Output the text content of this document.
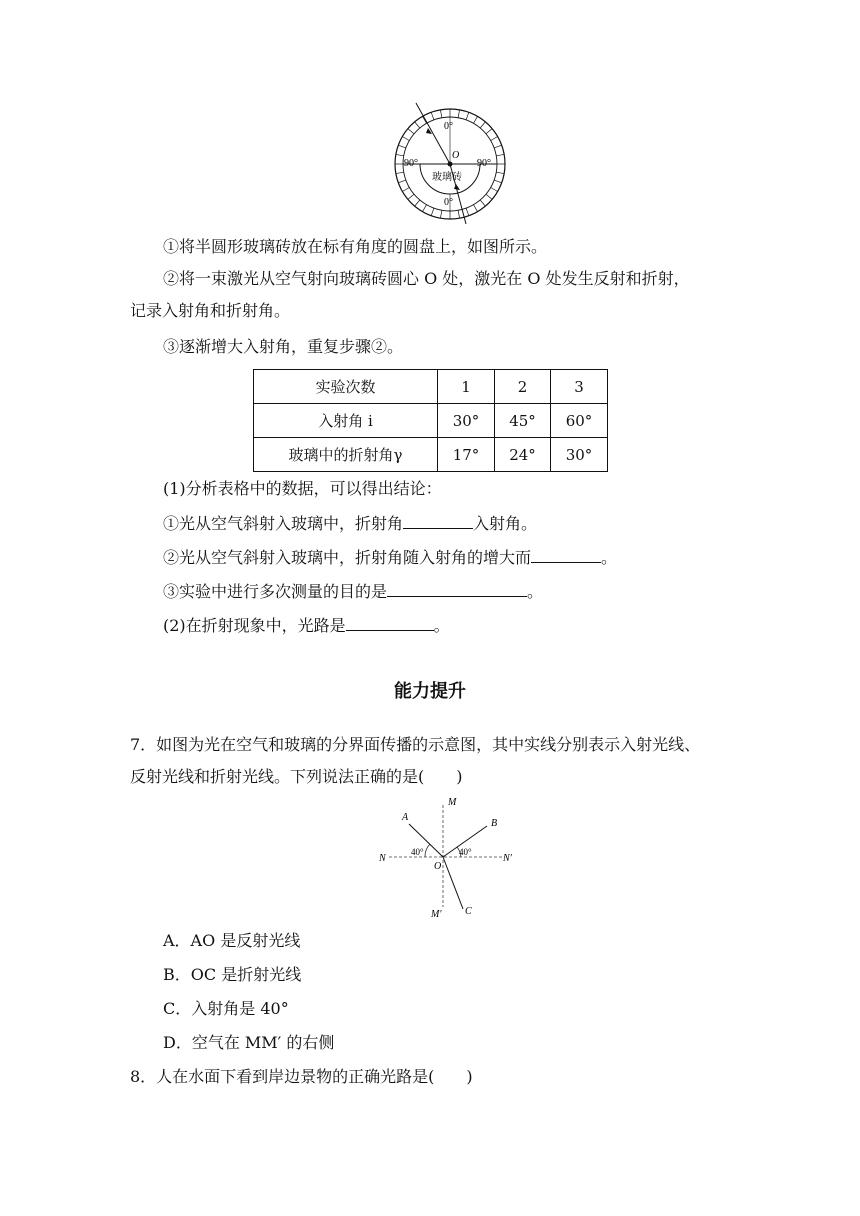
0°
0°
90°	90°
O
玻璃砖
①将半圆形玻璃砖放在标有角度的圆盘上，如图所示。
②将一束激光从空气射向玻璃砖圆心 O 处，激光在 O 处发生反射和折射，
记录入射角和折射角。
③逐渐增大入射角，重复步骤②。
实验次数	1	2	3
入射角 i	30°	45°	60°
玻璃中的折射角γ	17°	24°	30°
(1)分析表格中的数据，可以得出结论：
①光从空气斜射入玻璃中，折射角	入射角。
②光从空气斜射入玻璃中，折射角随入射角的增大而	。
③实验中进行多次测量的目的是	。
(2)在折射现象中，光路是	。
能力提升
7．如图为光在空气和玻璃的分界面传播的示意图，其中实线分别表示入射光线、
反射光线和折射光线。下列说法正确的是(　　)
M
A
B
N	N′
40°	40°
O
M′ C
A．AO 是反射光线
B．OC 是折射光线
C．入射角是 40°
D．空气在 MM′ 的右侧
8．人在水面下看到岸边景物的正确光路是(　　)
